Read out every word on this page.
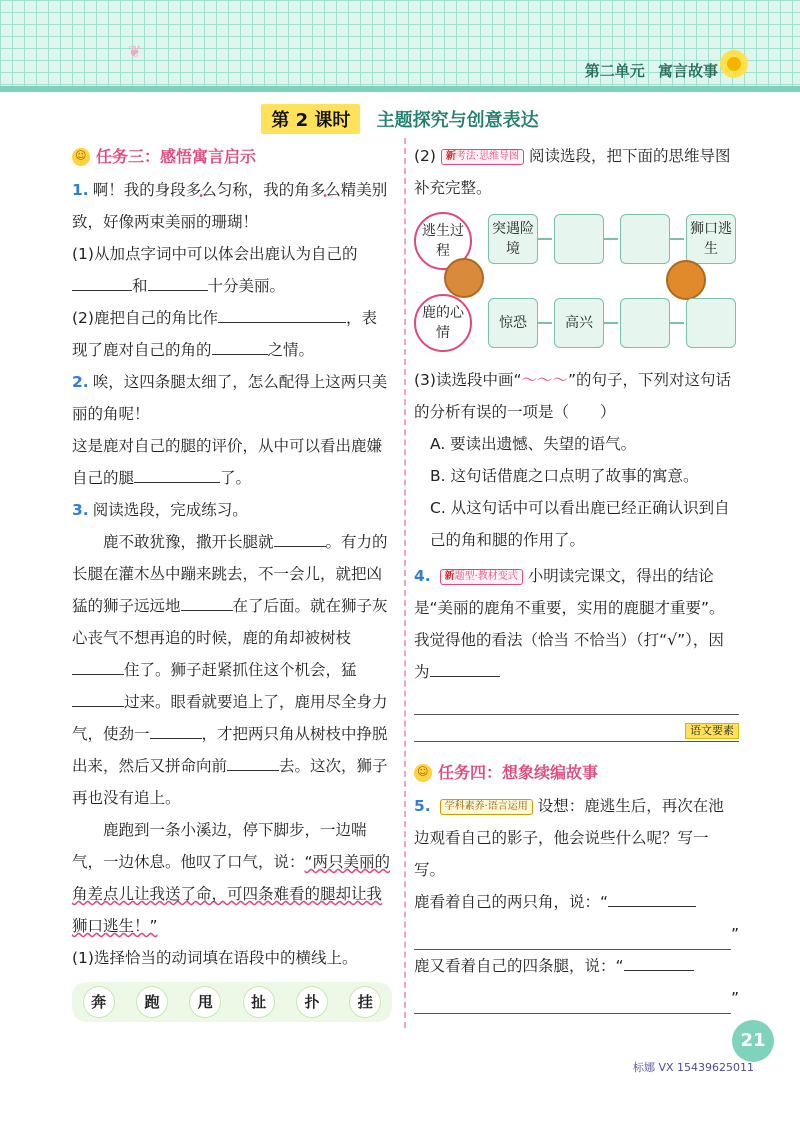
❦
第二单元 寓言故事
第 2 课时 主题探究与创意表达
☺
任务三：感悟寓言启示
1. 啊！我的身段多么匀称，我的角多么精美别致，好像两束美丽的珊瑚！
(1)从加点字词中可以体会出鹿认为自己的和	十分美丽。
(2)鹿把自己的角比作	，表现了鹿对自己的角的	之情。
2. 唉，这四条腿太细了，怎么配得上这两只美丽的角呢！
这是鹿对自己的腿的评价，从中可以看出鹿嫌自己的腿	了。
3. 阅读选段，完成练习。
鹿不敢犹豫，撒开长腿就	。有力的长腿在灌木丛中蹦来跳去，不一会儿，就把凶猛的狮子远远地	在了后面。就在狮子灰心丧气不想再追的时候，鹿的角却被树枝住了。狮子赶紧抓住这个机会，猛过来。眼看就要追上了，鹿用尽全身力气，使劲一	，才把两只角从树枝中挣脱出来，然后又拼命向前	去。这次，狮子再也没有追上。
鹿跑到一条小溪边，停下脚步，一边喘气，一边休息。他叹了口气，说：“两只美丽的角差点儿让我送了命，可四条难看的腿却让我狮口逃生！”
(1)选择恰当的动词填在语段中的横线上。
奔	跑	甩	扯	扑	挂
(2) 新考法·思维导图 阅读选段，把下面的思维导图补充完整。
逃生过程
鹿的心情
突遇险境
狮口逃生
惊恐	高兴
(3)读选段中画“～～～”的句子，下列对这句话的分析有误的一项是（　　）
A. 要读出遗憾、失望的语气。
B. 这句话借鹿之口点明了故事的寓意。
C. 从这句话中可以看出鹿已经正确认识到自己的角和腿的作用了。
4. 新题型·教材变式 小明读完课文，得出的结论是“美丽的鹿角不重要，实用的鹿腿才重要”。我觉得他的看法（恰当 不恰当）（打“√”），因为
语文要素
☺
任务四：想象续编故事
5. 学科素养·语言运用 设想：鹿逃生后，再次在池边观看自己的影子，他会说些什么呢？写一写。
鹿看着自己的两只角，说：“
”
鹿又看着自己的四条腿，说：“
”
21
标娜 VX 15439625011
